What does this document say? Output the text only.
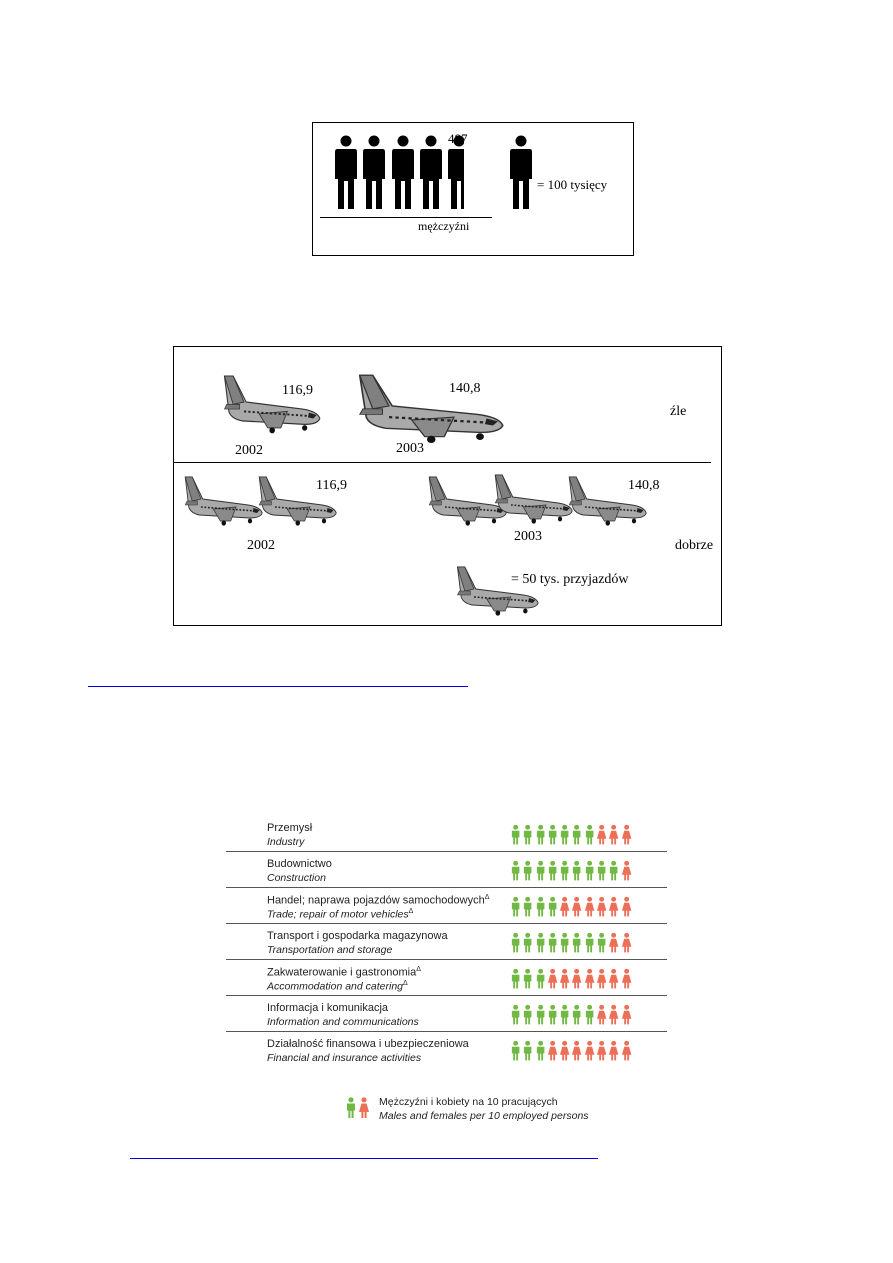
487
= 100 tysięcy
mężczyźni
116,9	140,8
2002	2003
źle
116,9	140,8
2002
2003
dobrze
= 50 tys. przyjazdów
Przemysł
Industry
Budownictwo
Construction
Handel; naprawa pojazdów samochodowych$^\Delta$
Trade; repair of motor vehicles$^\Delta$
Transport i gospodarka magazynowa
Transportation and storage
Zakwaterowanie i gastronomia$^\Delta$
Accommodation and catering$^\Delta$
Informacja i komunikacja
Information and communications
Działalność finansowa i ubezpieczeniowa
Financial and insurance activities
Mężczyźni i kobiety na 10 pracujących
Males and females per 10 employed persons
